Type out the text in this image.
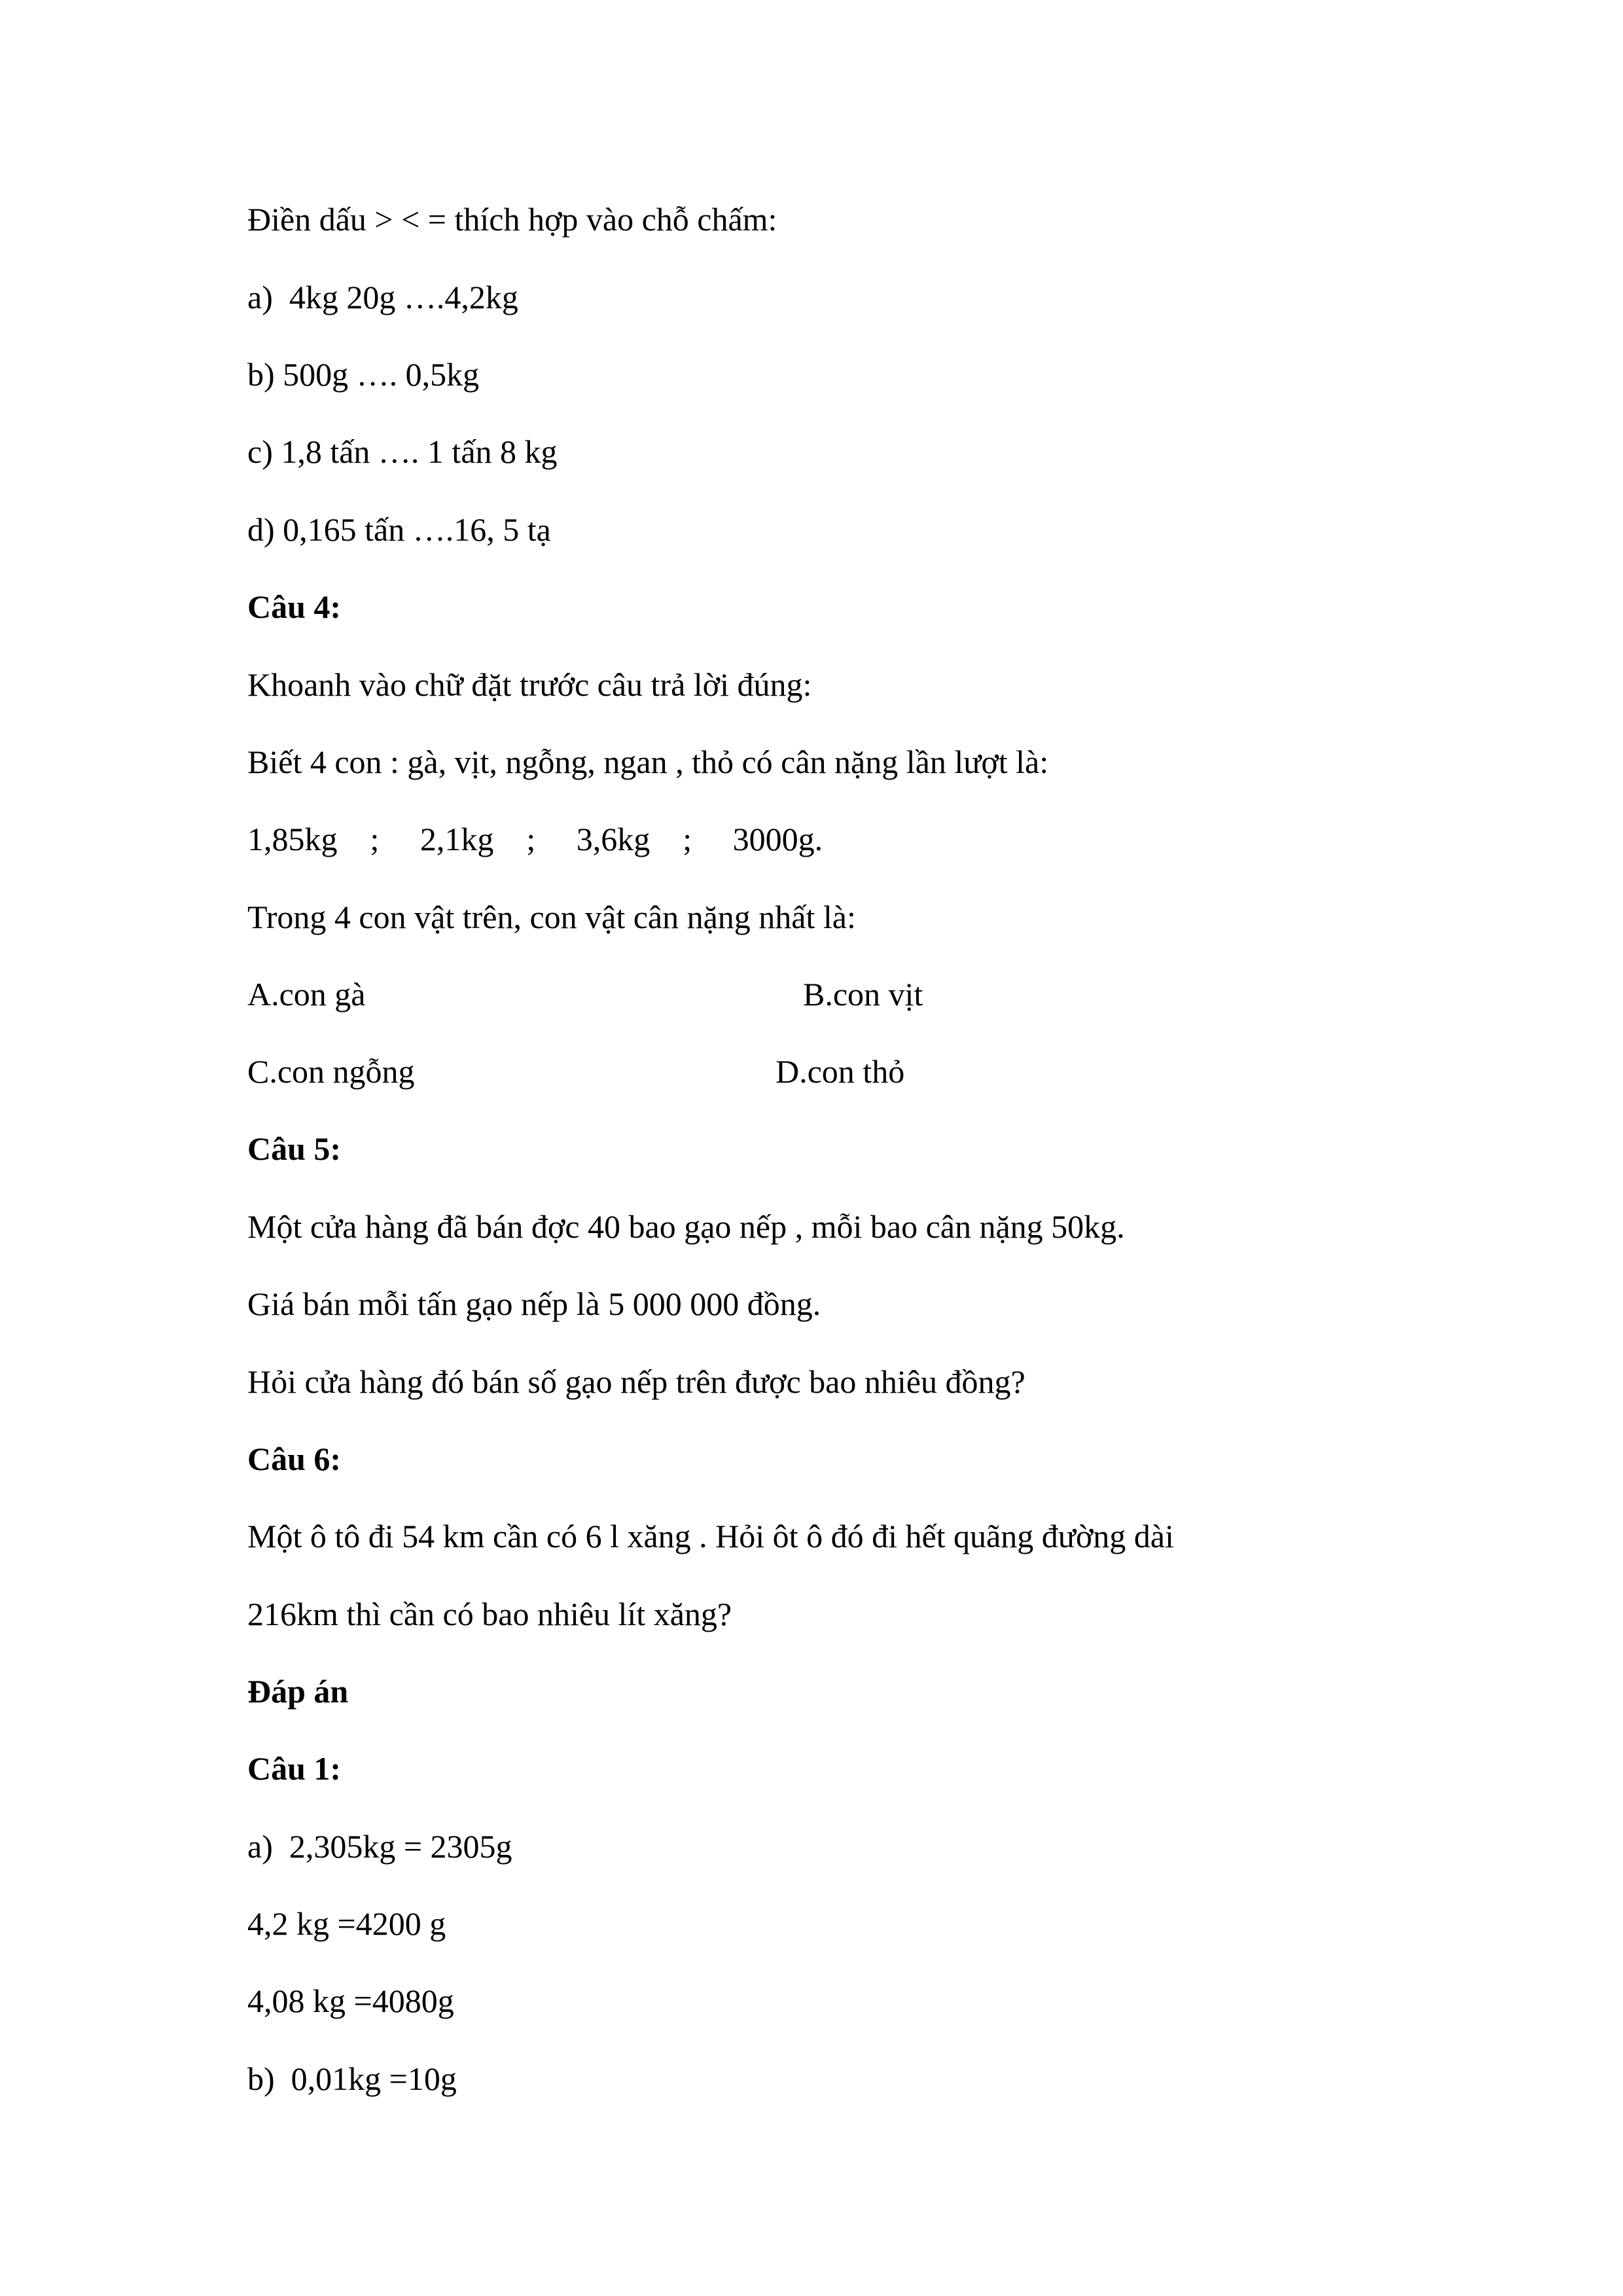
Điền dấu > < = thích hợp vào chỗ chấm:
a)  4kg 20g ….4,2kg
b) 500g …. 0,5kg
c) 1,8 tấn …. 1 tấn 8 kg
d) 0,165 tấn ….16, 5 tạ
Câu 4:
Khoanh vào chữ đặt trước câu trả lời đúng:
Biết 4 con : gà, vịt, ngỗng, ngan , thỏ có cân nặng lần lượt là:
1,85kg    ;     2,1kg    ;     3,6kg    ;     3000g.
Trong 4 con vật trên, con vật cân nặng nhất là:
A.con gà	B.con vịt
C.con ngỗng	D.con thỏ
Câu 5:
Một cửa hàng đã bán đợc 40 bao gạo nếp , mỗi bao cân nặng 50kg.
Giá bán mỗi tấn gạo nếp là 5 000 000 đồng.
Hỏi cửa hàng đó bán số gạo nếp trên được bao nhiêu đồng?
Câu 6:
Một ô tô đi 54 km cần có 6 l xăng . Hỏi ôt ô đó đi hết quãng đường dài
216km thì cần có bao nhiêu lít xăng?
Đáp án
Câu 1:
a)  2,305kg = 2305g
4,2 kg =4200 g
4,08 kg =4080g
b)  0,01kg =10g
